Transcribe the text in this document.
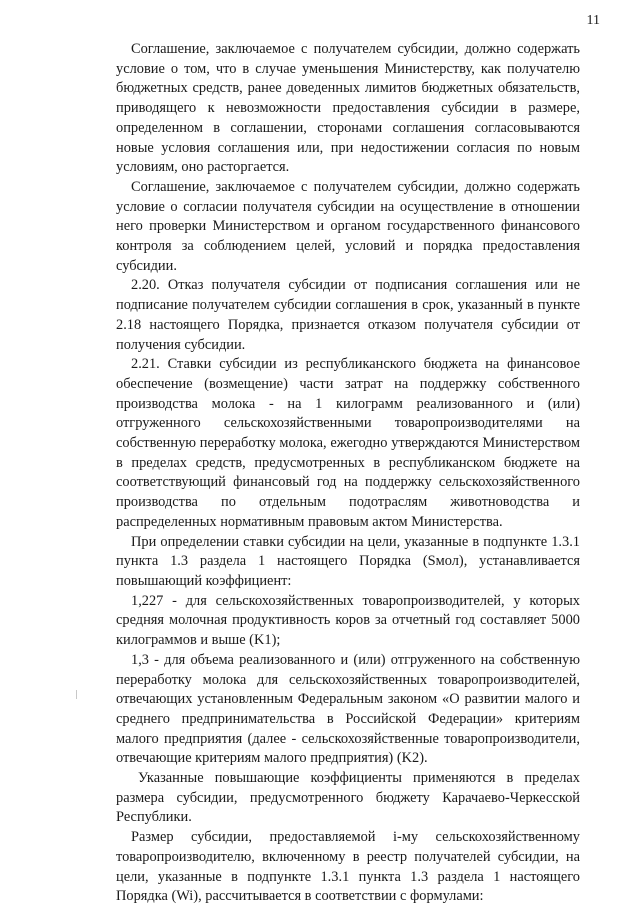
11

Соглашение, заключаемое с получателем субсидии, должно содержать условие о том, что в случае уменьшения Министерству, как получателю бюджетных средств, ранее доведенных лимитов бюджетных обязательств, приводящего к невозможности предоставления субсидии в размере, определенном в соглашении, сторонами соглашения согласовываются новые условия соглашения или, при недостижении согласия по новым условиям, оно расторгается.

Соглашение, заключаемое с получателем субсидии, должно содержать условие о согласии получателя субсидии на осуществление в отношении него проверки Министерством и органом государственного финансового контроля за соблюдением целей, условий и порядка предоставления субсидии.

2.20. Отказ получателя субсидии от подписания соглашения или не подписание получателем субсидии соглашения в срок, указанный в пункте 2.18 настоящего Порядка, признается отказом получателя субсидии от получения субсидии.

2.21. Ставки субсидии из республиканского бюджета на финансовое обеспечение (возмещение) части затрат на поддержку собственного производства молока - на 1 килограмм реализованного и (или) отгруженного сельскохозяйственными товаропроизводителями на собственную переработку молока, ежегодно утверждаются Министерством в пределах средств, предусмотренных в республиканском бюджете на соответствующий финансовый год на поддержку сельскохозяйственного производства по отдельным подотраслям животноводства и распределенных нормативным правовым актом Министерства.

При определении ставки субсидии на цели, указанные в подпункте 1.3.1 пункта 1.3 раздела 1 настоящего Порядка (Sмол), устанавливается повышающий коэффициент:

1,227 - для сельскохозяйственных товаропроизводителей, у которых средняя молочная продуктивность коров за отчетный год составляет 5000 килограммов и выше (K1);

1,3 - для объема реализованного и (или) отгруженного на собственную переработку молока для сельскохозяйственных товаропроизводителей, отвечающих установленным Федеральным законом «О развитии малого и среднего предпринимательства в Российской Федерации» критериям малого предприятия (далее - сельскохозяйственные товаропроизводители, отвечающие критериям малого предприятия) (K2).

Указанные повышающие коэффициенты применяются в пределах размера субсидии, предусмотренного бюджету Карачаево-Черкесской Республики.

Размер субсидии, предоставляемой i-му сельскохозяйственному товаропроизводителю, включенному в реестр получателей субсидии, на цели, указанные в подпункте 1.3.1 пункта 1.3 раздела 1 настоящего Порядка (Wi), рассчитывается в соответствии с формулами:
